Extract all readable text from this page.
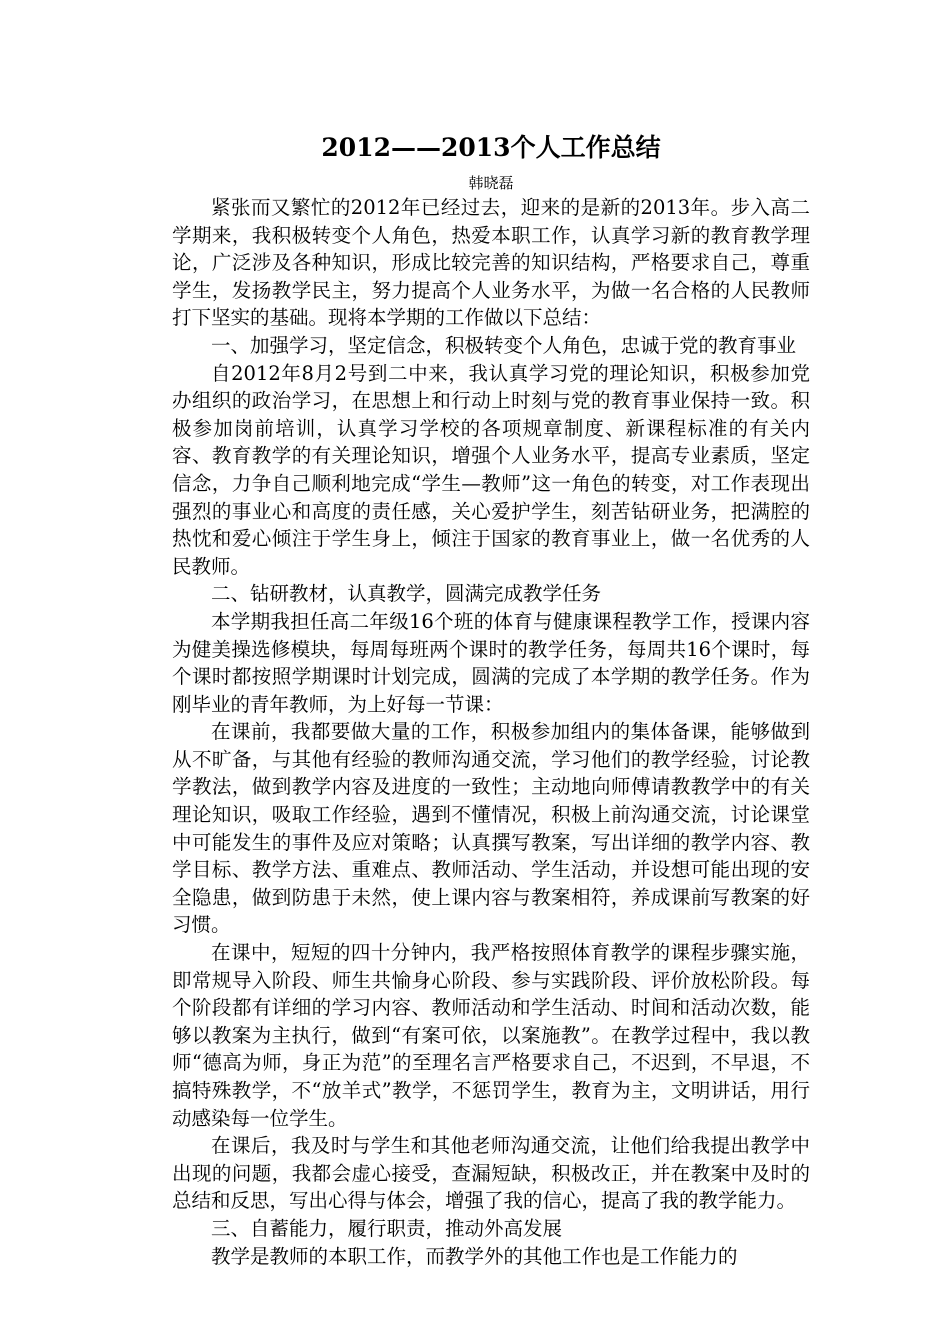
2012——2013个人工作总结

韩晓磊

紧张而又繁忙的2012年已经过去，迎来的是新的2013年。步入高二学期来，我积极转变个人角色，热爱本职工作，认真学习新的教育教学理论，广泛涉及各种知识，形成比较完善的知识结构，严格要求自己，尊重学生，发扬教学民主，努力提高个人业务水平，为做一名合格的人民教师打下坚实的基础。现将本学期的工作做以下总结：

一、加强学习，坚定信念，积极转变个人角色，忠诚于党的教育事业

自2012年8月2号到二中来，我认真学习党的理论知识，积极参加党办组织的政治学习，在思想上和行动上时刻与党的教育事业保持一致。积极参加岗前培训，认真学习学校的各项规章制度、新课程标准的有关内容、教育教学的有关理论知识，增强个人业务水平，提高专业素质，坚定信念，力争自己顺利地完成“学生—教师”这一角色的转变，对工作表现出强烈的事业心和高度的责任感，关心爱护学生，刻苦钻研业务，把满腔的热忱和爱心倾注于学生身上，倾注于国家的教育事业上，做一名优秀的人民教师。

二、钻研教材，认真教学，圆满完成教学任务

本学期我担任高二年级16个班的体育与健康课程教学工作，授课内容为健美操选修模块，每周每班两个课时的教学任务，每周共16个课时，每个课时都按照学期课时计划完成，圆满的完成了本学期的教学任务。作为刚毕业的青年教师，为上好每一节课：

在课前，我都要做大量的工作，积极参加组内的集体备课，能够做到从不旷备，与其他有经验的教师沟通交流，学习他们的教学经验，讨论教学教法，做到教学内容及进度的一致性；主动地向师傅请教教学中的有关理论知识，吸取工作经验，遇到不懂情况，积极上前沟通交流，讨论课堂中可能发生的事件及应对策略；认真撰写教案，写出详细的教学内容、教学目标、教学方法、重难点、教师活动、学生活动，并设想可能出现的安全隐患，做到防患于未然，使上课内容与教案相符，养成课前写教案的好习惯。

在课中，短短的四十分钟内，我严格按照体育教学的课程步骤实施，即常规导入阶段、师生共愉身心阶段、参与实践阶段、评价放松阶段。每个阶段都有详细的学习内容、教师活动和学生活动、时间和活动次数，能够以教案为主执行，做到“有案可依，以案施教”。在教学过程中，我以教师“德高为师，身正为范”的至理名言严格要求自己，不迟到，不早退，不搞特殊教学，不“放羊式”教学，不惩罚学生，教育为主，文明讲话，用行动感染每一位学生。

在课后，我及时与学生和其他老师沟通交流，让他们给我提出教学中出现的问题，我都会虚心接受，查漏短缺，积极改正，并在教案中及时的总结和反思，写出心得与体会，增强了我的信心，提高了我的教学能力。

三、自蓄能力，履行职责，推动外高发展

教学是教师的本职工作，而教学外的其他工作也是工作能力的
